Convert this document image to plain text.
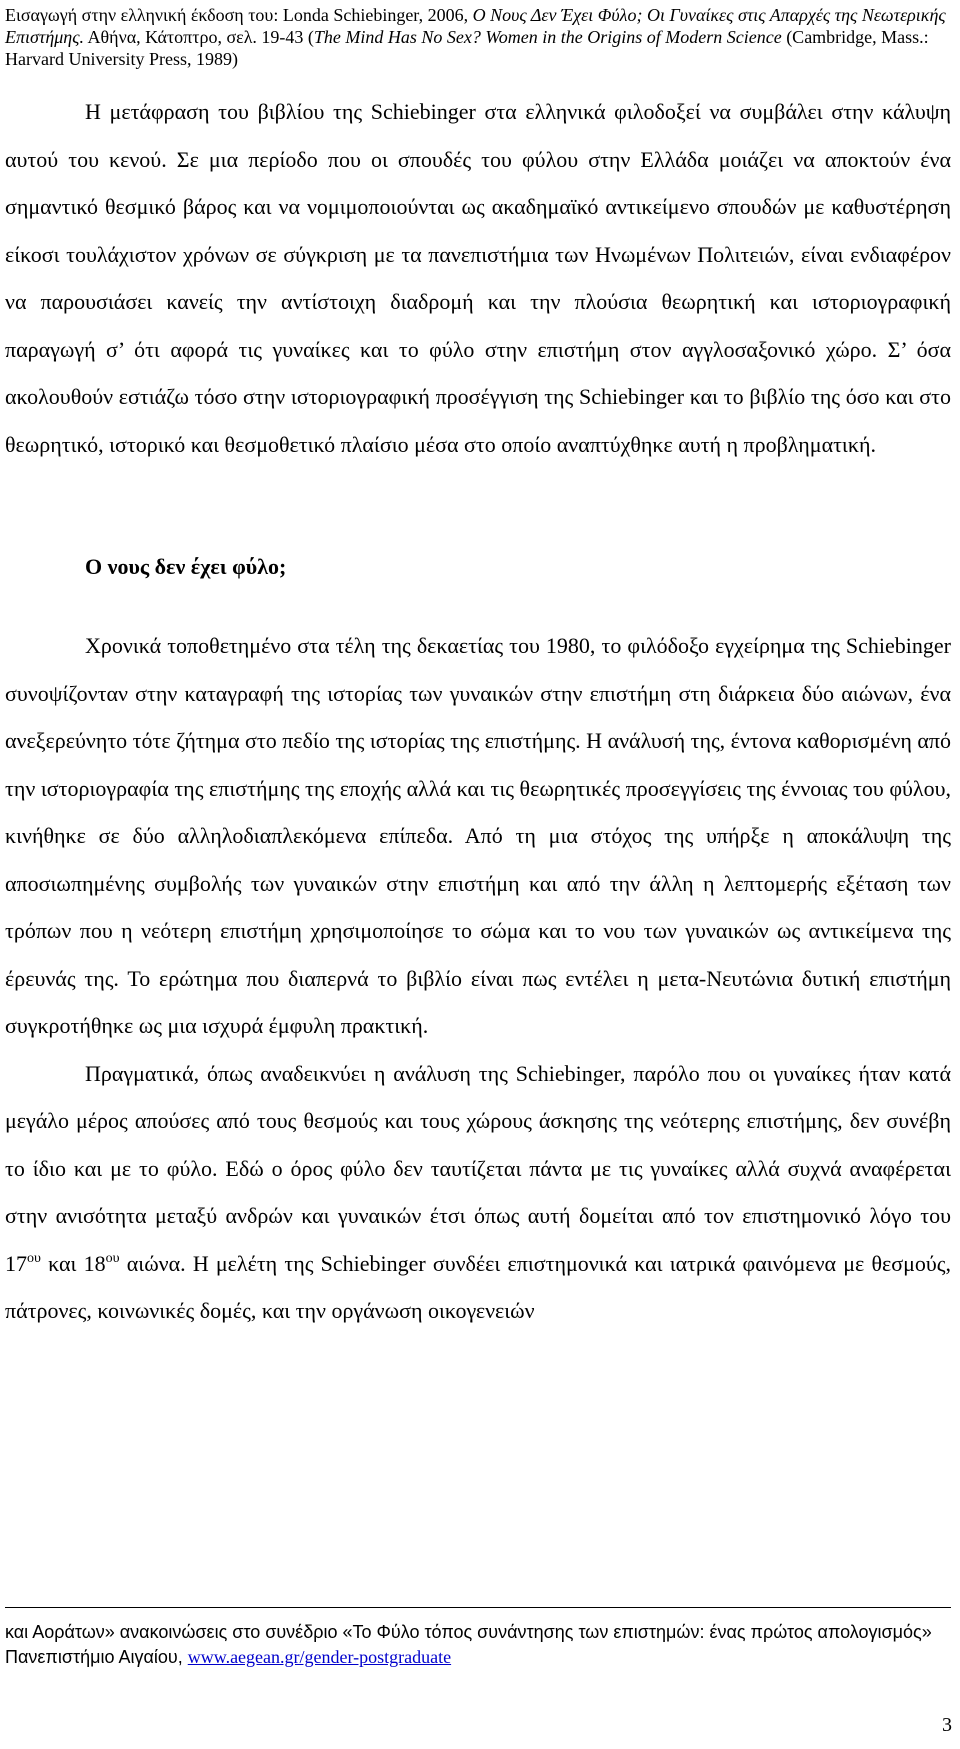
Εισαγωγή στην ελληνική έκδοση του: Londa Schiebinger, 2006, Ο Νους Δεν Έχει Φύλο; Οι Γυναίκες στις Απαρχές της Νεωτερικής Επιστήμης. Αθήνα, Κάτοπτρο, σελ. 19-43 (The Mind Has No Sex? Women in the Origins of Modern Science (Cambridge, Mass.: Harvard University Press, 1989)

Η μετάφραση του βιβλίου της Schiebinger στα ελληνικά φιλοδοξεί να συμβάλει στην κάλυψη αυτού του κενού. Σε μια περίοδο που οι σπουδές του φύλου στην Ελλάδα μοιάζει να αποκτούν ένα σημαντικό θεσμικό βάρος και να νομιμοποιούνται ως ακαδημαϊκό αντικείμενο σπουδών με καθυστέρηση είκοσι τουλάχιστον χρόνων σε σύγκριση με τα πανεπιστήμια των Ηνωμένων Πολιτειών, είναι ενδιαφέρον να παρουσιάσει κανείς την αντίστοιχη διαδρομή και την πλούσια θεωρητική και ιστοριογραφική παραγωγή σ’ ότι αφορά τις γυναίκες και το φύλο στην επιστήμη στον αγγλοσαξονικό χώρο. Σ’ όσα ακολουθούν εστιάζω τόσο στην ιστοριογραφική προσέγγιση της Schiebinger και το βιβλίο της όσο και στο θεωρητικό, ιστορικό και θεσμοθετικό πλαίσιο μέσα στο οποίο αναπτύχθηκε αυτή η προβληματική.

Ο νους δεν έχει φύλο;

Χρονικά τοποθετημένο στα τέλη της δεκαετίας του 1980, το φιλόδοξο εγχείρημα της Schiebinger συνοψίζονταν στην καταγραφή της ιστορίας των γυναικών στην επιστήμη στη διάρκεια δύο αιώνων, ένα ανεξερεύνητο τότε ζήτημα στο πεδίο της ιστορίας της επιστήμης. Η ανάλυσή της, έντονα καθορισμένη από την ιστοριογραφία της επιστήμης της εποχής αλλά και τις θεωρητικές προσεγγίσεις της έννοιας του φύλου, κινήθηκε σε δύο αλληλοδιαπλεκόμενα επίπεδα. Από τη μια στόχος της υπήρξε η αποκάλυψη της αποσιωπημένης συμβολής των γυναικών στην επιστήμη και από την άλλη η λεπτομερής εξέταση των τρόπων που η νεότερη επιστήμη χρησιμοποίησε το σώμα και το νου των γυναικών ως αντικείμενα της έρευνάς της. Το ερώτημα που διαπερνά το βιβλίο είναι πως εντέλει η μετα-Νευτώνια δυτική επιστήμη συγκροτήθηκε ως μια ισχυρά έμφυλη πρακτική.

Πραγματικά, όπως αναδεικνύει η ανάλυση της Schiebinger, παρόλο που οι γυναίκες ήταν κατά μεγάλο μέρος απούσες από τους θεσμούς και τους χώρους άσκησης της νεότερης επιστήμης, δεν συνέβη το ίδιο και με το φύλο. Εδώ ο όρος φύλο δεν ταυτίζεται πάντα με τις γυναίκες αλλά συχνά αναφέρεται στην ανισότητα μεταξύ ανδρών και γυναικών έτσι όπως αυτή δομείται από τον επιστημονικό λόγο του $17^{o\upsilon}$ και $18^{o\upsilon}$ αιώνα. Η μελέτη της Schiebinger συνδέει επιστημονικά και ιατρικά φαινόμενα με θεσμούς, πάτρονες, κοινωνικές δομές, και την οργάνωση οικογενειών

και Αοράτων» ανακοινώσεις στο συνέδριο «Το Φύλο τόπος συνάντησης των επιστημών: ένας πρώτος απολογισμός» Πανεπιστήμιο Αιγαίου, www.aegean.gr/gender-postgraduate

3
